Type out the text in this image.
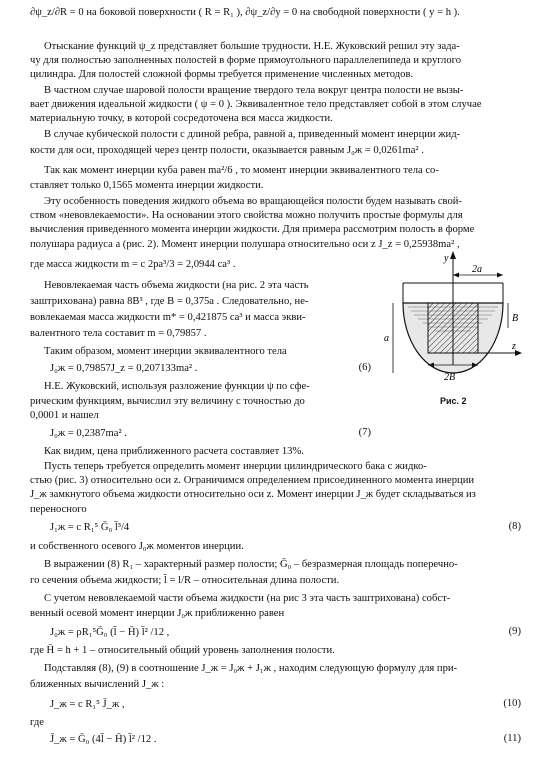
∂ψ_z/∂R = 0 на боковой поверхности ( R = R₁ ), ∂ψ_z/∂y = 0 на свободной поверхности ( y = h ).
Отыскание функций ψ_z представляет большие трудности. Н.Е. Жуковский решил эту зада-
чу для полностью заполненных полостей в форме прямоугольного параллелепипеда и круглого
цилиндра. Для полостей сложной формы требуется применение численных методов.
В частном случае шаровой полости вращение твердого тела вокруг центра полости не вызы-
вает движения идеальной жидкости ( ψ = 0 ). Эквивалентное тело представляет собой в этом случае
материальную точку, в которой сосредоточена вся масса жидкости.
В случае кубической полости с длиной ребра, равной a, приведенный момент инерции жид-
кости для оси, проходящей через центр полости, оказывается равным J₀ж = 0,0261ma² .
Так как момент инерции куба равен ma²/6 , то момент инерции эквивалентного тела со-
ставляет только 0,1565 момента инерции жидкости.
Эту особенность поведения жидкого объема во вращающейся полости будем называть свой-
ством «невовлекаемости». На основании этого свойства можно получить простые формулы для
вычисления приведенного момента инерции жидкости. Для примера рассмотрим полость в форме
полушара радиуса a (рис. 2). Момент инерции полушара относительно оси z J_z = 0,25938ma² ,
где масса жидкости m = c 2pa³/3 = 2,0944 ca³ .
Невовлекаемая часть объема жидкости (на рис. 2 эта часть
заштрихована) равна 8B³ , где B = 0,375a . Следовательно, не-
вовлекаемая масса жидкости m* = 0,421875 ca³ и масса экви-
валентного тела составит m = 0,79857 .
Таким образом, момент инерции эквивалентного тела
J₀ж = 0,79857J_z = 0,207133ma² .	(6)
Н.Е. Жуковский, используя разложение функции ψ по сфе-
рическим функциям, вычислил эту величину с точностью до
0,0001 и нашел
J₀ж = 0,2387ma² .	(7)
Как видим, цена приближенного расчета составляет 13%.
Пусть теперь требуется определить момент инерции цилиндрического бака с жидко-
стью (рис. 3) относительно оси z. Ограничимся определением присоединенного момента инерции
J_ж замкнутого объема жидкости относительно оси z. Момент инерции J_ж будет складываться из
переносного
J₁ж = c R₁⁵ Ḡ₀ l̄³/4	(8)
и собственного осевого J₀ж моментов инерции.
В выражении (8) R₁ – характерный размер полости; Ḡ₀ – безразмерная площадь поперечно-
го сечения объема жидкости; l̄ = l/R – относительная длина полости.
С учетом невовлекаемой части объема жидкости (на рис 3 эта часть заштрихована) собст-
венный осевой момент инерции J₀ж приближенно равен
J₀ж = ρR₁⁵Ḡ₀ (l̄ − H̄) l̄² /12 ,	(9)
где H̄ = h + 1 – относительный общий уровень заполнения полости.
Подставляя (8), (9) в соотношение J_ж = J₀ж + J₁ж , находим следующую формулу для при-
ближенных вычислений J_ж :
J_ж = c R₁⁵ J̄_ж ,	(10)
где
J̄_ж = Ḡ₀ (4l̄ − H̄) l̄² /12 .	(11)
y
2a
a
z
B
2B
Рис. 2
